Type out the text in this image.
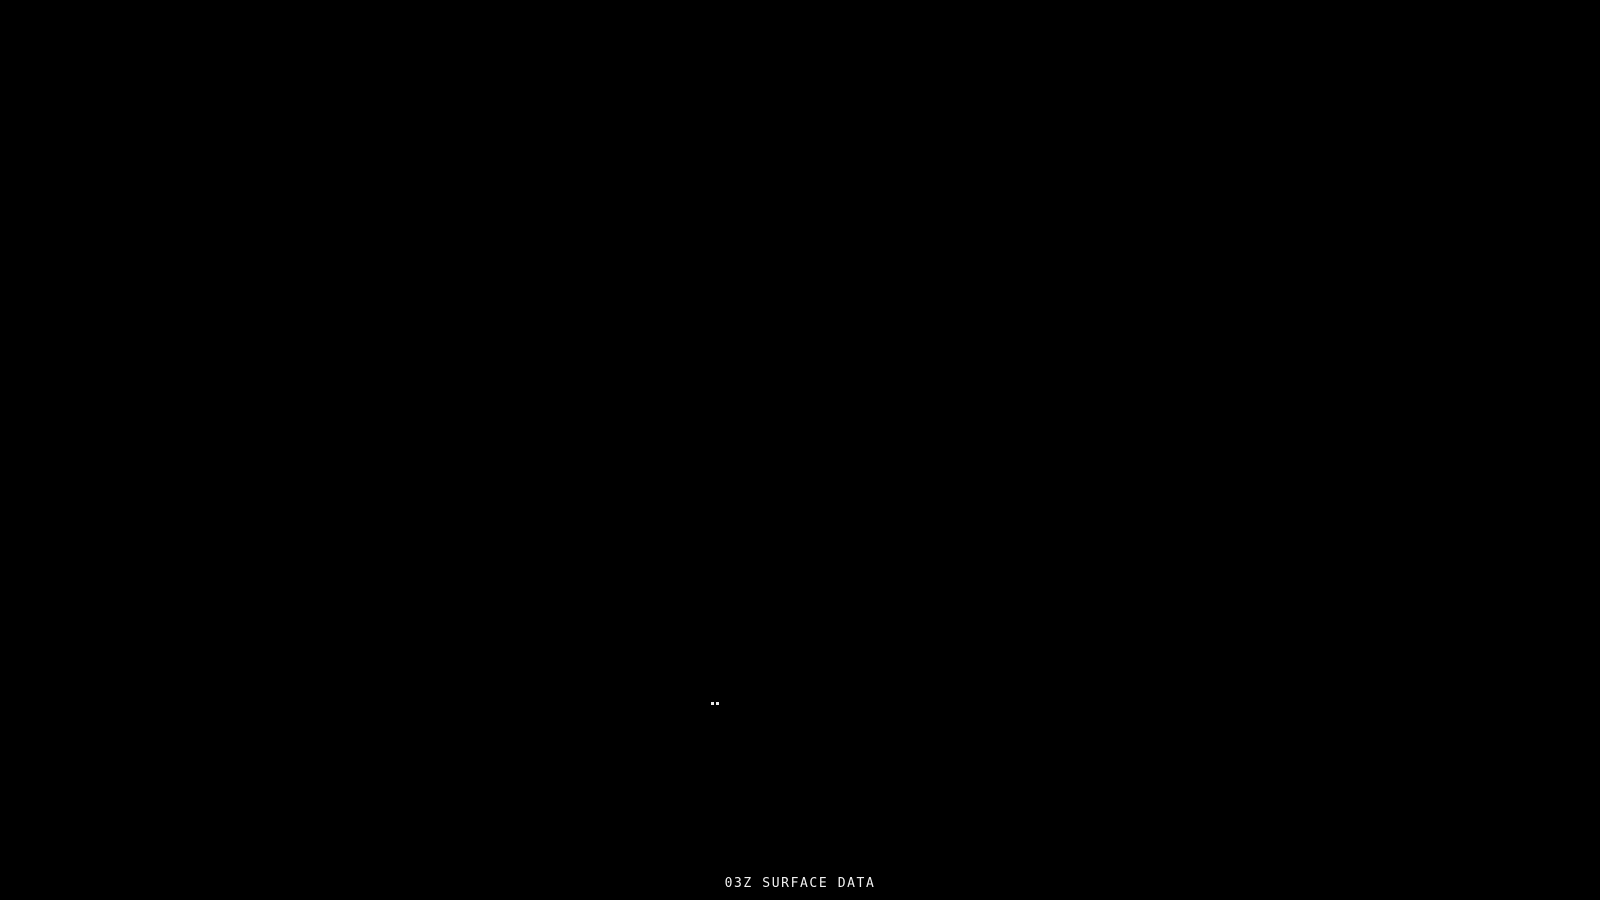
03Z SURFACE DATA
